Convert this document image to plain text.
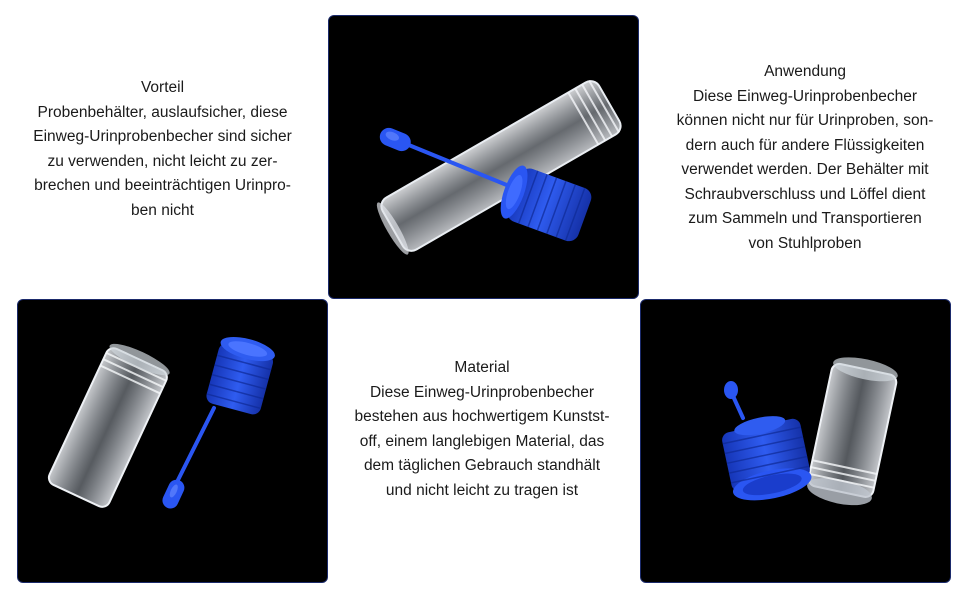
Vorteil
Probenbehälter, auslaufsicher, diese
Einweg-Urinprobenbecher sind sicher
zu verwenden, nicht leicht zu zer-
brechen und beeinträchtigen Urinpro-
ben nicht
Anwendung
Diese Einweg-Urinprobenbecher
können nicht nur für Urinproben, son-
dern auch für andere Flüssigkeiten
verwendet werden. Der Behälter mit
Schraubverschluss und Löffel dient
zum Sammeln und Transportieren
von Stuhlproben
Material
Diese Einweg-Urinprobenbecher
bestehen aus hochwertigem Kunstst-
off, einem langlebigen Material, das
dem täglichen Gebrauch standhält
und nicht leicht zu tragen ist
